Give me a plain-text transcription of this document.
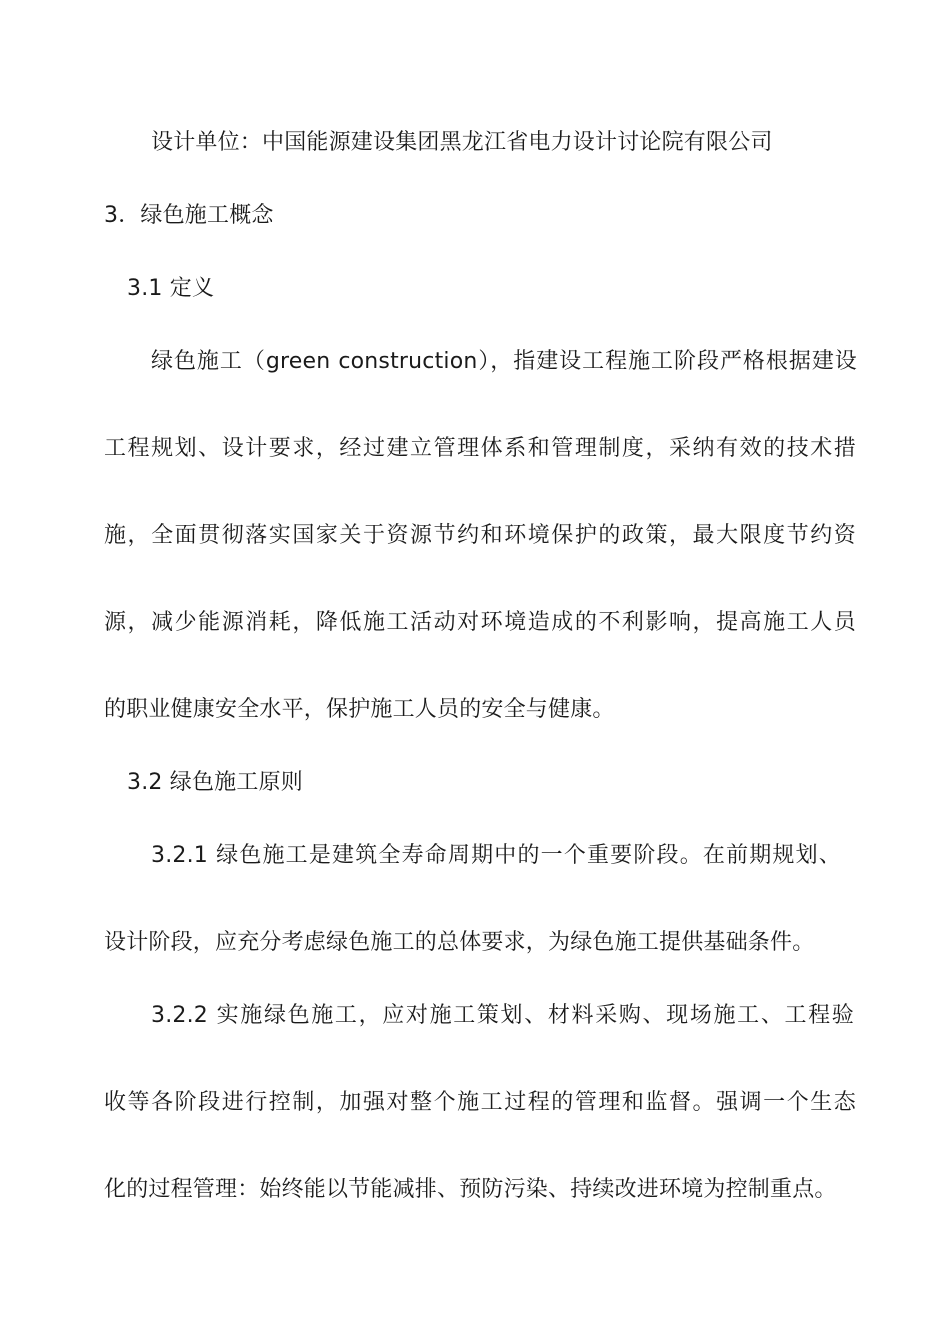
设计单位：中国能源建设集团黑龙江省电力设计讨论院有限公司
3．绿色施工概念
3.1 定义
绿色施工（green construction），指建设工程施工阶段严格根据建设
工程规划、设计要求，经过建立管理体系和管理制度，采纳有效的技术措
施，全面贯彻落实国家关于资源节约和环境保护的政策，最大限度节约资
源，减少能源消耗，降低施工活动对环境造成的不利影响，提高施工人员
的职业健康安全水平，保护施工人员的安全与健康。
3.2 绿色施工原则
3.2.1 绿色施工是建筑全寿命周期中的一个重要阶段。在前期规划、
设计阶段，应充分考虑绿色施工的总体要求，为绿色施工提供基础条件。
3.2.2 实施绿色施工，应对施工策划、材料采购、现场施工、工程验
收等各阶段进行控制，加强对整个施工过程的管理和监督。强调一个生态
化的过程管理：始终能以节能减排、预防污染、持续改进环境为控制重点。
